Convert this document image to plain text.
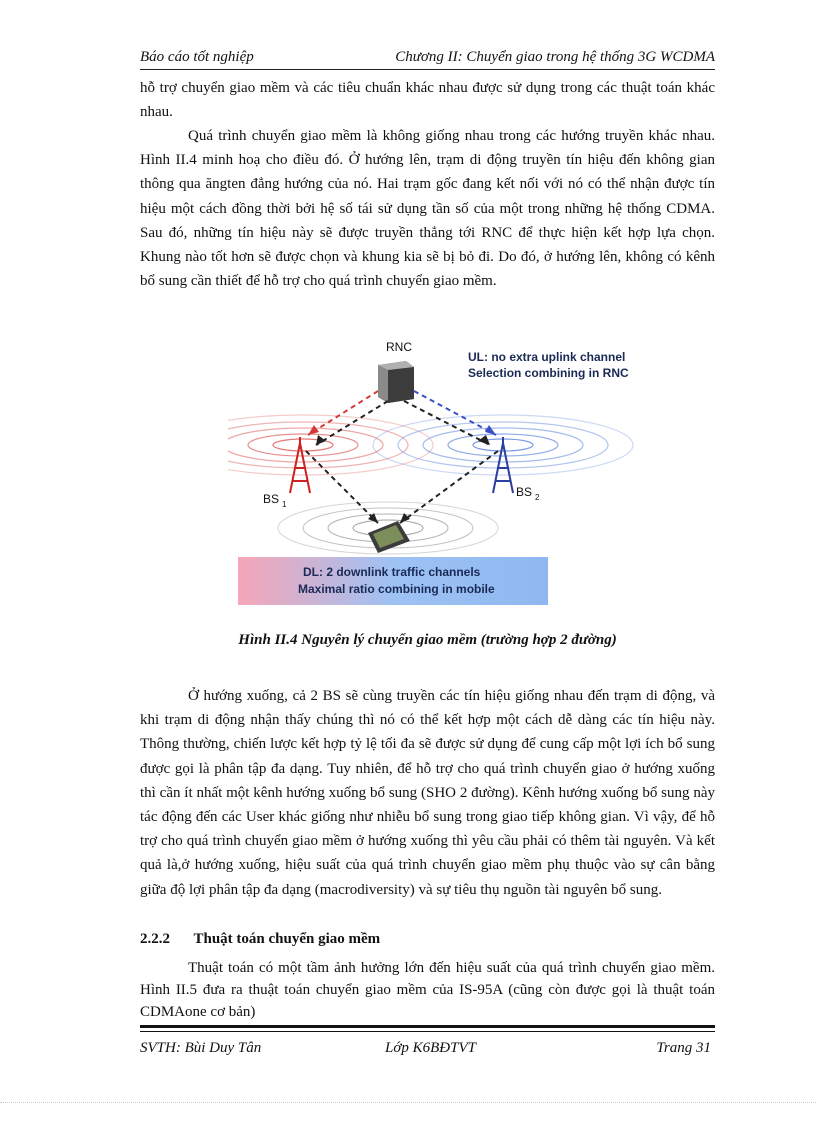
Báo cáo tốt nghiệp	Chương II: Chuyển giao trong hệ thống 3G WCDMA

hỗ trợ chuyển giao mềm và các tiêu chuẩn khác nhau được sử dụng trong các thuật toán khác nhau.

Quá trình chuyển giao mềm là không giống nhau trong các hướng truyền khác nhau. Hình II.4 minh hoạ cho điều đó. Ở hướng lên, trạm di động truyền tín hiệu đến không gian thông qua ăngten đẳng hướng của nó. Hai trạm gốc đang kết nối với nó có thể nhận được tín hiệu một cách đồng thời bởi hệ số tái sử dụng tần số của một trong những hệ thống CDMA. Sau đó, những tín hiệu này sẽ được truyền thẳng tới RNC để thực hiện kết hợp lựa chọn. Khung nào tốt hơn sẽ được chọn và khung kia sẽ bị bỏ đi. Do đó, ở hướng lên, không có kênh bổ sung cần thiết để hỗ trợ cho quá trình chuyển giao mềm.

RNC
UL: no extra uplink channel
Selection combining in RNC
BS 1
BS 2
DL: 2 downlink traffic channels
Maximal ratio combining in mobile
Hình II.4 Nguyên lý chuyển giao mềm (trường hợp 2 đường)

Ở hướng xuống, cả 2 BS sẽ cùng truyền các tín hiệu giống nhau đến trạm di động, và khi trạm di động nhận thấy chúng thì nó có thể kết hợp một cách dễ dàng các tín hiệu này. Thông thường, chiến lược kết hợp tỷ lệ tối đa sẽ được sử dụng để cung cấp một lợi ích bổ sung được gọi là phân tập đa dạng. Tuy nhiên, để hỗ trợ cho quá trình chuyển giao ở hướng xuống thì cần ít nhất một kênh hướng xuống bổ sung (SHO 2 đường). Kênh hướng xuống bổ sung này tác động đến các User khác giống như nhiễu bổ sung trong giao tiếp không gian. Vì vậy, để hỗ trợ cho quá trình chuyển giao mềm ở hướng xuống thì yêu cầu phải có thêm tài nguyên. Và kết quả là,ở hướng xuống, hiệu suất của quá trình chuyển giao mềm phụ thuộc vào sự cân bằng giữa độ lợi phân tập đa dạng (macrodiversity) và sự tiêu thụ nguồn tài nguyên bổ sung.

2.2.2 Thuật toán chuyển giao mềm

Thuật toán có một tầm ảnh hưởng lớn đến hiệu suất của quá trình chuyển giao mềm. Hình II.5 đưa ra thuật toán chuyển giao mềm của IS-95A (cũng còn được gọi là thuật toán CDMAone cơ bản)

SVTH: Bùi Duy Tân	Lớp K6BĐTVT	Trang 31
